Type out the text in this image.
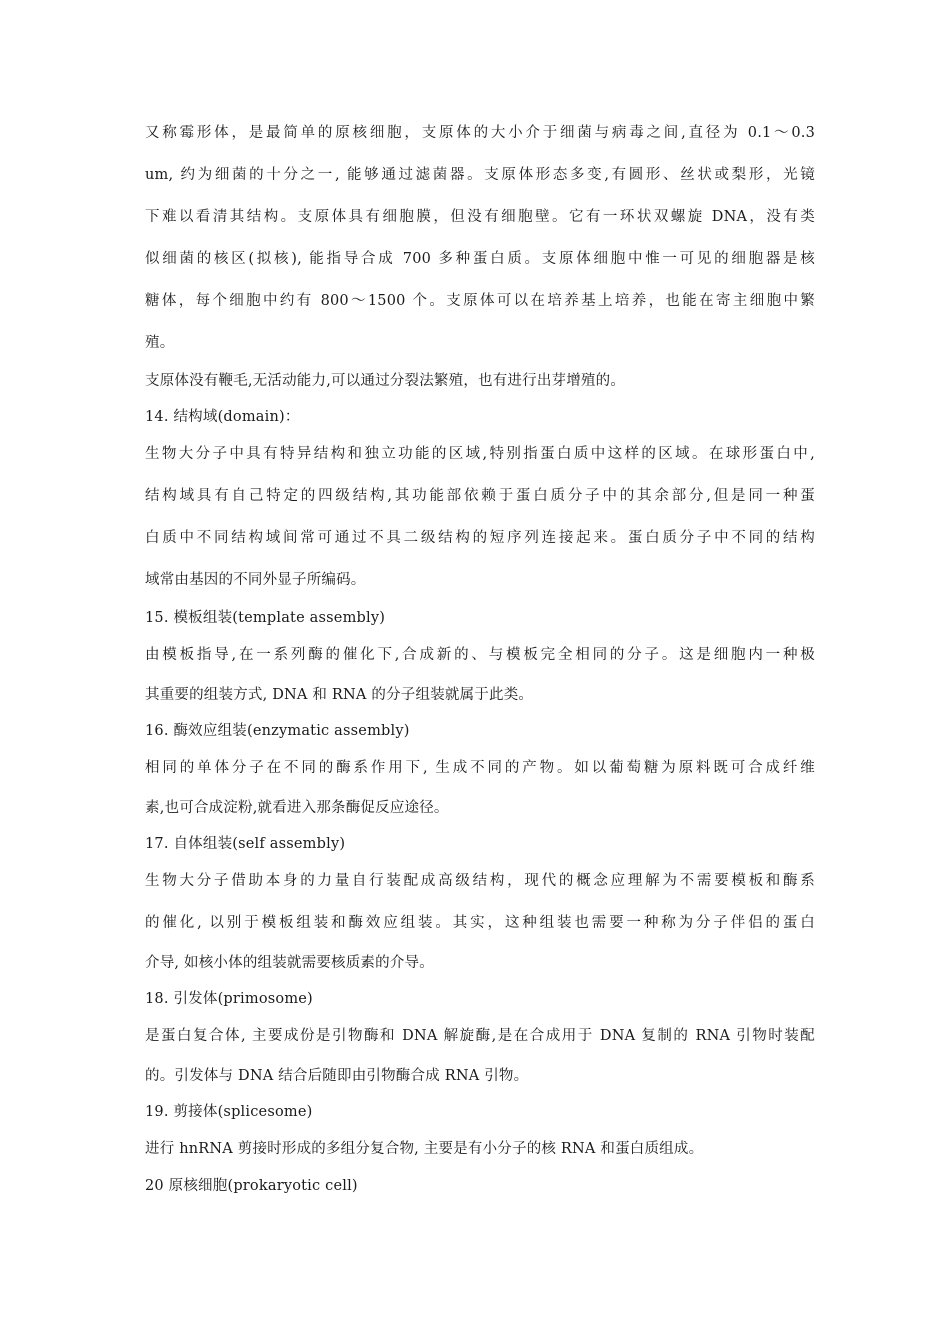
又称霉形体，是最简单的原核细胞，支原体的大小介于细菌与病毒之间,直径为 0.1～0.3
um, 约为细菌的十分之一, 能够通过滤菌器。支原体形态多变,有圆形、丝状或梨形，光镜
下难以看清其结构。支原体具有细胞膜，但没有细胞壁。它有一环状双螺旋 DNA，没有类
似细菌的核区(拟核), 能指导合成 700 多种蛋白质。支原体细胞中惟一可见的细胞器是核
糖体，每个细胞中约有 800～1500 个。支原体可以在培养基上培养，也能在寄主细胞中繁
殖。
支原体没有鞭毛,无活动能力,可以通过分裂法繁殖，也有进行出芽增殖的。
14. 结构域(domain)：
生物大分子中具有特异结构和独立功能的区域,特别指蛋白质中这样的区域。在球形蛋白中,
结构域具有自己特定的四级结构,其功能部依赖于蛋白质分子中的其余部分,但是同一种蛋
白质中不同结构域间常可通过不具二级结构的短序列连接起来。蛋白质分子中不同的结构
域常由基因的不同外显子所编码。
15. 模板组装(template assembly)
由模板指导,在一系列酶的催化下,合成新的、与模板完全相同的分子。这是细胞内一种极
其重要的组装方式, DNA 和 RNA 的分子组装就属于此类。
16. 酶效应组装(enzymatic assembly)
相同的单体分子在不同的酶系作用下, 生成不同的产物。如以葡萄糖为原料既可合成纤维
素,也可合成淀粉,就看进入那条酶促反应途径。
17. 自体组装(self assembly)
生物大分子借助本身的力量自行装配成高级结构，现代的概念应理解为不需要模板和酶系
的催化, 以别于模板组装和酶效应组装。其实，这种组装也需要一种称为分子伴侣的蛋白
介导, 如核小体的组装就需要核质素的介导。
18. 引发体(primosome)
是蛋白复合体, 主要成份是引物酶和 DNA 解旋酶,是在合成用于 DNA 复制的 RNA 引物时装配
的。引发体与 DNA 结合后随即由引物酶合成 RNA 引物。
19. 剪接体(splicesome)
进行 hnRNA 剪接时形成的多组分复合物, 主要是有小分子的核 RNA 和蛋白质组成。
20 原核细胞(prokaryotic cell)
